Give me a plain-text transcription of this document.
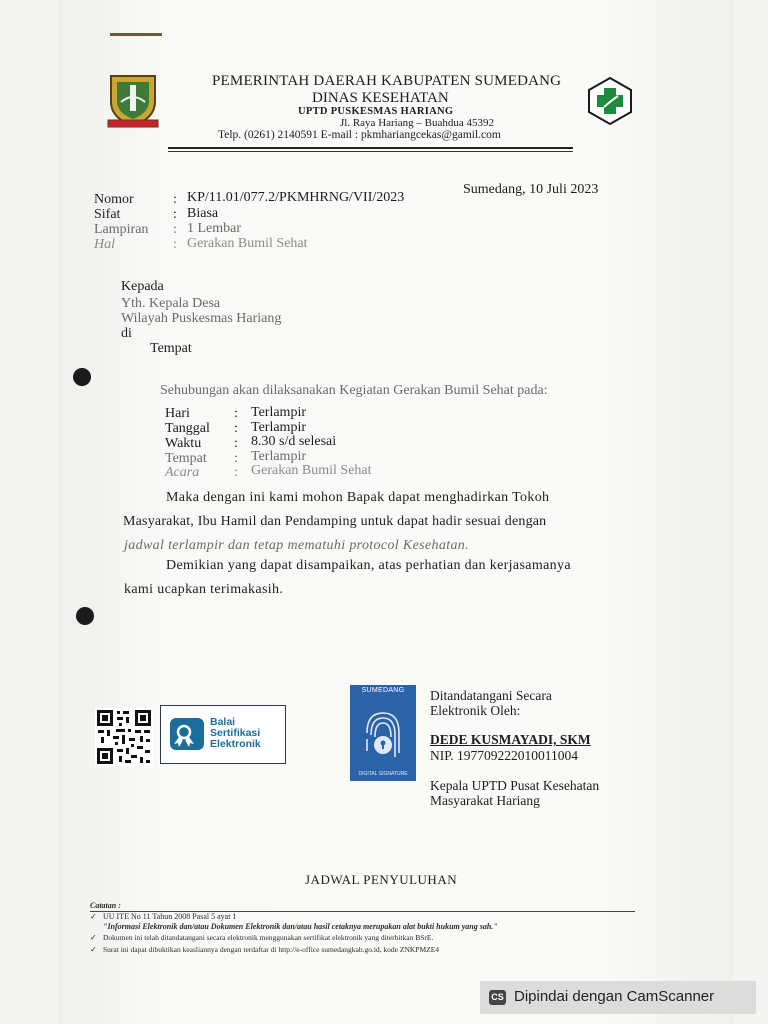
PEMERINTAH DAERAH KABUPATEN SUMEDANG
DINAS KESEHATAN
UPTD PUSKESMAS HARIANG
Jl. Raya Hariang – Buahdua 45392
Telp. (0261) 2140591 E-mail : pkmhariangcekas@gamil.com
Sumedang, 10 Juli 2023
Nomor	: KP/11.01/077.2/PKMHRNG/VII/2023
Sifat	: Biasa
Lampiran : 1 Lembar
Hal	: Gerakan Bumil Sehat
Kepada
Yth. Kepala Desa
Wilayah Puskesmas Hariang
di
Tempat
Sehubungan akan dilaksanakan Kegiatan Gerakan Bumil Sehat pada:
Hari	: Terlampir
Tanggal : Terlampir
Waktu : 8.30 s/d selesai
Tempat : Terlampir
Acara : Gerakan Bumil Sehat
Maka dengan ini kami mohon Bapak dapat menghadirkan Tokoh
Masyarakat, Ibu Hamil dan Pendamping untuk dapat hadir sesuai dengan
jadwal terlampir dan tetap mematuhi protocol Kesehatan.
Demikian yang dapat disampaikan, atas perhatian dan kerjasamanya
kami ucapkan terimakasih.
Balai
Sertifikasi
Elektronik
SUMEDANG
DIGITAL SIGNATURE
Ditandatangani Secara
Elektronik Oleh:
DEDE KUSMAYADI, SKM
NIP. 197709222010011004
Kepala UPTD Pusat Kesehatan
Masyarakat Hariang
JADWAL PENYULUHAN
Catatan :
✓ UU ITE No 11 Tahun 2008 Pasal 5 ayat 1
"Informasi Elektronik dan/atau Dokumen Elektronik dan/atau hasil cetaknya merupakan alat bukti hukum yang sah."
✓ Dokumen ini telah ditandatangani secara elektronik menggunakan sertifikat elektronik yang diterbitkan BSrE.
✓ Surat ini dapat dibuktikan keasliannya dengan terdaftar di http://e-office sumedangkab.go.id, kode ZNKPMZE4
CS Dipindai dengan CamScanner
